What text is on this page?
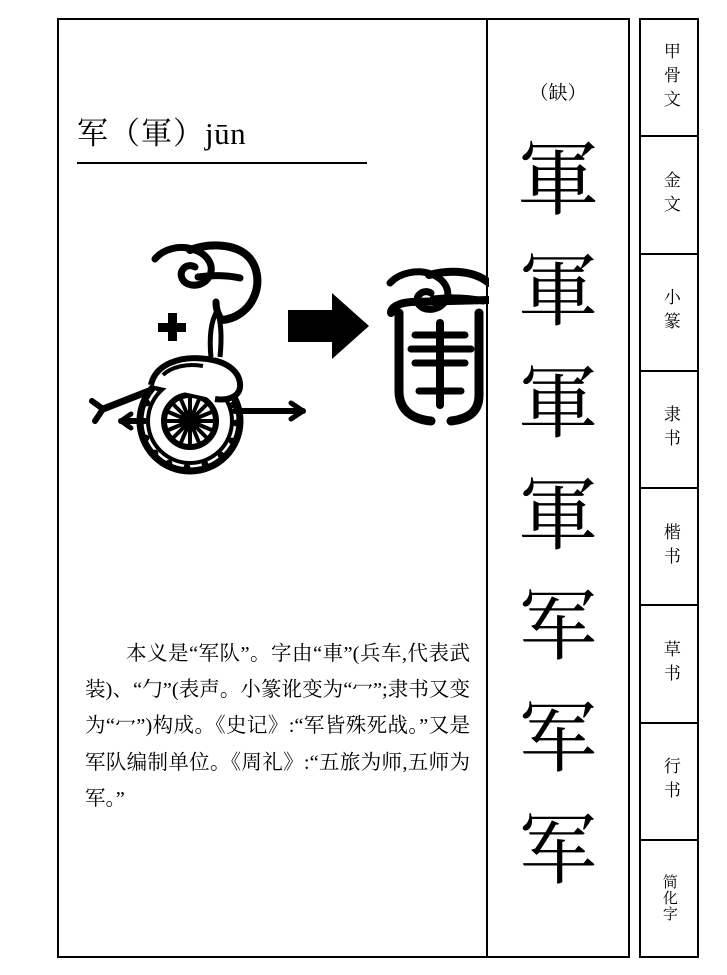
军（軍）jūn

本义是“军队”。字由“車”(兵车,代表武装)、“勹”(表声。小篆讹变为“冖”;隶书又变为“冖”)构成。《史记》:“军皆殊死战。”又是军队编制单位。《周礼》:“五旅为师,五师为军。”

（缺）
軍
軍
軍
軍
军
军
军
甲骨文
金文
小篆
隶书
楷书
草书
行书
简化字
